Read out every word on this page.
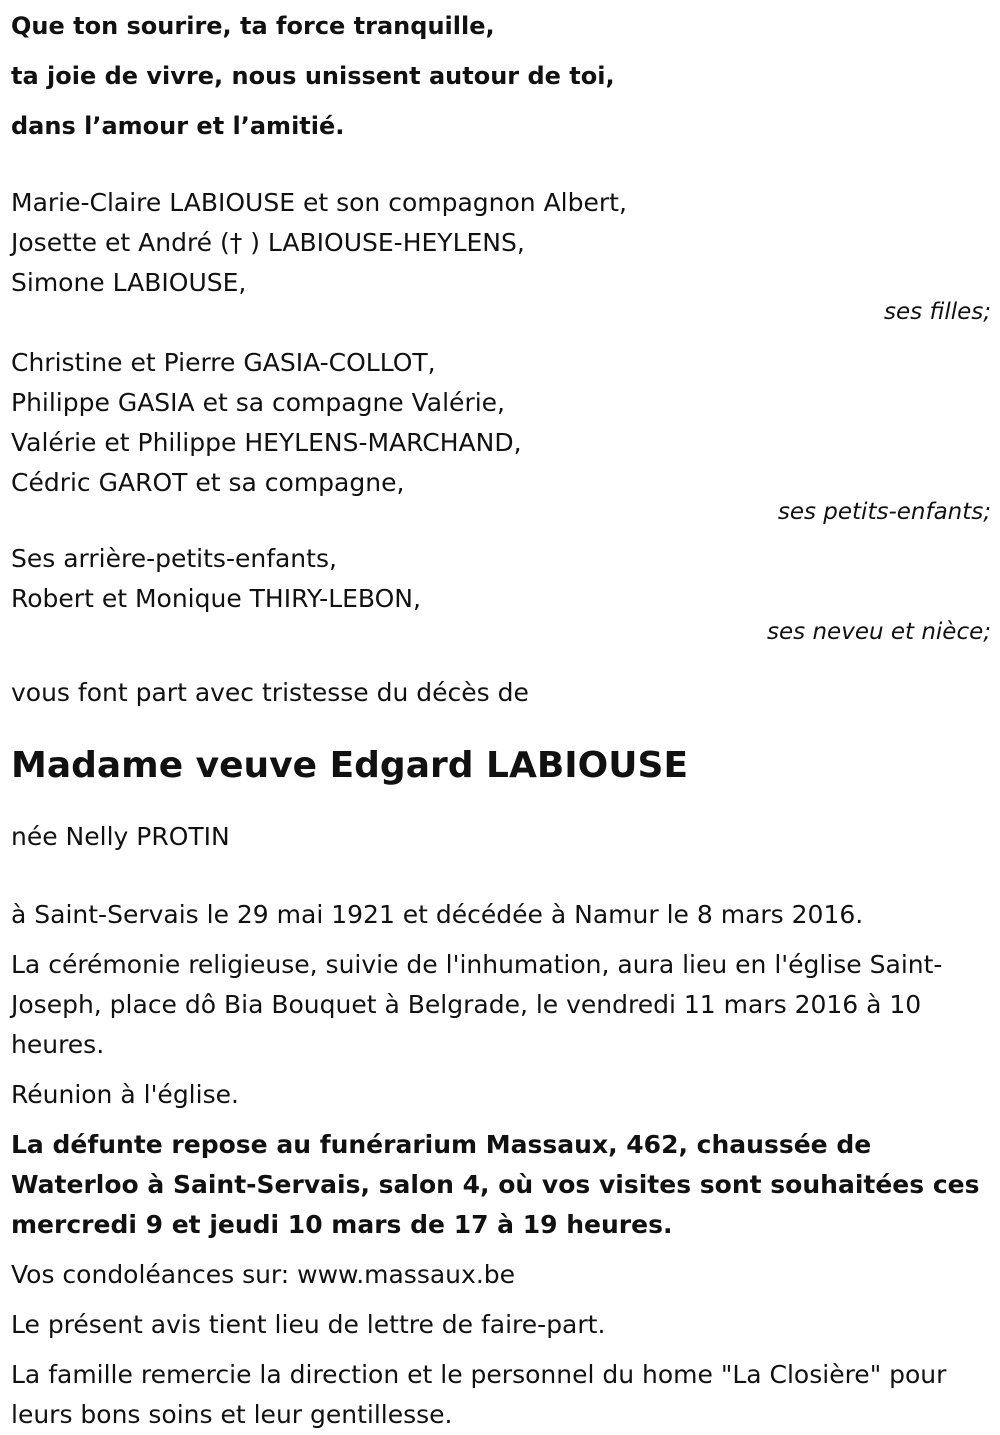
Que ton sourire, ta force tranquille,
ta joie de vivre, nous unissent autour de toi,
dans l’amour et l’amitié.
Marie-Claire LABIOUSE et son compagnon Albert,
Josette et André († ) LABIOUSE-HEYLENS,
Simone LABIOUSE,
ses filles;
Christine et Pierre GASIA-COLLOT,
Philippe GASIA et sa compagne Valérie,
Valérie et Philippe HEYLENS-MARCHAND,
Cédric GAROT et sa compagne,
ses petits-enfants;
Ses arrière-petits-enfants,
Robert et Monique THIRY-LEBON,
ses neveu et nièce;
vous font part avec tristesse du décès de
Madame veuve Edgard LABIOUSE
née Nelly PROTIN
à Saint-Servais le 29 mai 1921 et décédée à Namur le 8 mars 2016.
La cérémonie religieuse, suivie de l'inhumation, aura lieu en l'église Saint-Joseph, place dô Bia Bouquet à Belgrade, le vendredi 11 mars 2016 à 10 heures.
Réunion à l'église.
La défunte repose au funérarium Massaux, 462, chaussée de Waterloo à Saint-Servais, salon 4, où vos visites sont souhaitées ces mercredi 9 et jeudi 10 mars de 17 à 19 heures.
Vos condoléances sur: www.massaux.be
Le présent avis tient lieu de lettre de faire-part.
La famille remercie la direction et le personnel du home "La Closière" pour leurs bons soins et leur gentillesse.
